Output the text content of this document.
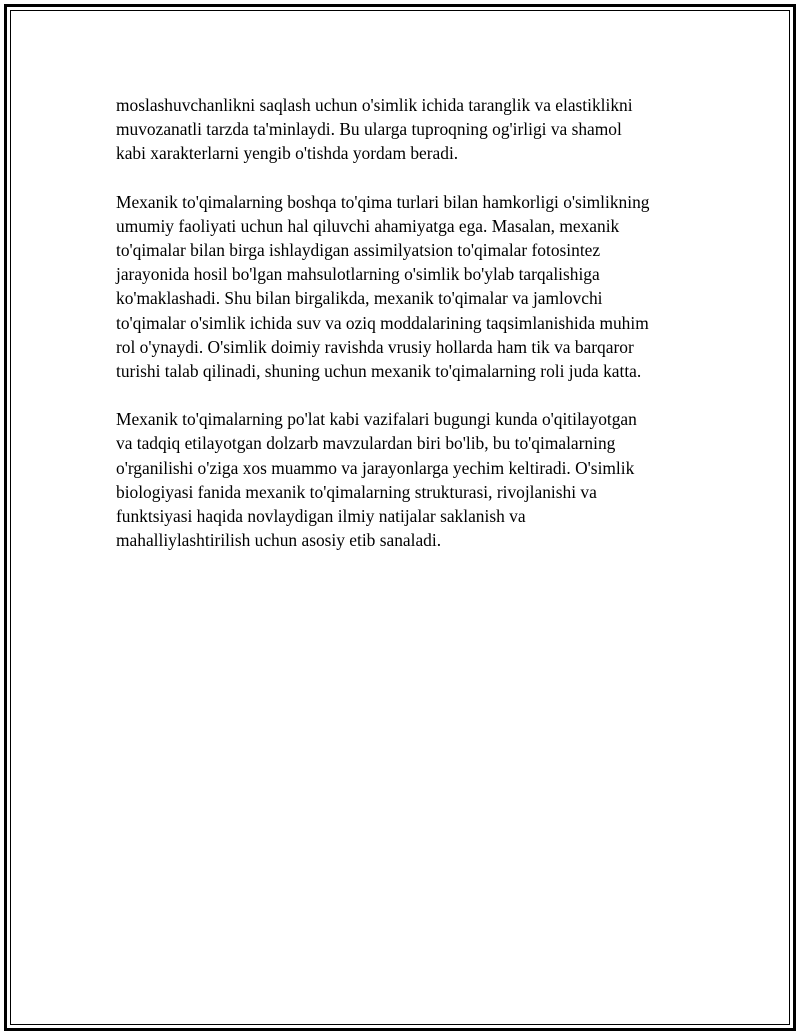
moslashuvchanlikni saqlash uchun o'simlik ichida taranglik va elastiklikni
muvozanatli tarzda ta'minlaydi. Bu ularga tuproqning og'irligi va shamol
kabi xarakterlarni yengib o'tishda yordam beradi.

Mexanik to'qimalarning boshqa to'qima turlari bilan hamkorligi o'simlikning
umumiy faoliyati uchun hal qiluvchi ahamiyatga ega. Masalan, mexanik
to'qimalar bilan birga ishlaydigan assimilyatsion to'qimalar fotosintez
jarayonida hosil bo'lgan mahsulotlarning o'simlik bo'ylab tarqalishiga
ko'maklashadi. Shu bilan birgalikda, mexanik to'qimalar va jamlovchi
to'qimalar o'simlik ichida suv va oziq moddalarining taqsimlanishida muhim
rol o'ynaydi. O'simlik doimiy ravishda vrusiy hollarda ham tik va barqaror
turishi talab qilinadi, shuning uchun mexanik to'qimalarning roli juda katta.

Mexanik to'qimalarning po'lat kabi vazifalari bugungi kunda o'qitilayotgan
va tadqiq etilayotgan dolzarb mavzulardan biri bo'lib, bu to'qimalarning
o'rganilishi o'ziga xos muammo va jarayonlarga yechim keltiradi. O'simlik
biologiyasi fanida mexanik to'qimalarning strukturasi, rivojlanishi va
funktsiyasi haqida novlaydigan ilmiy natijalar saklanish va
mahalliylashtirilish uchun asosiy etib sanaladi.
